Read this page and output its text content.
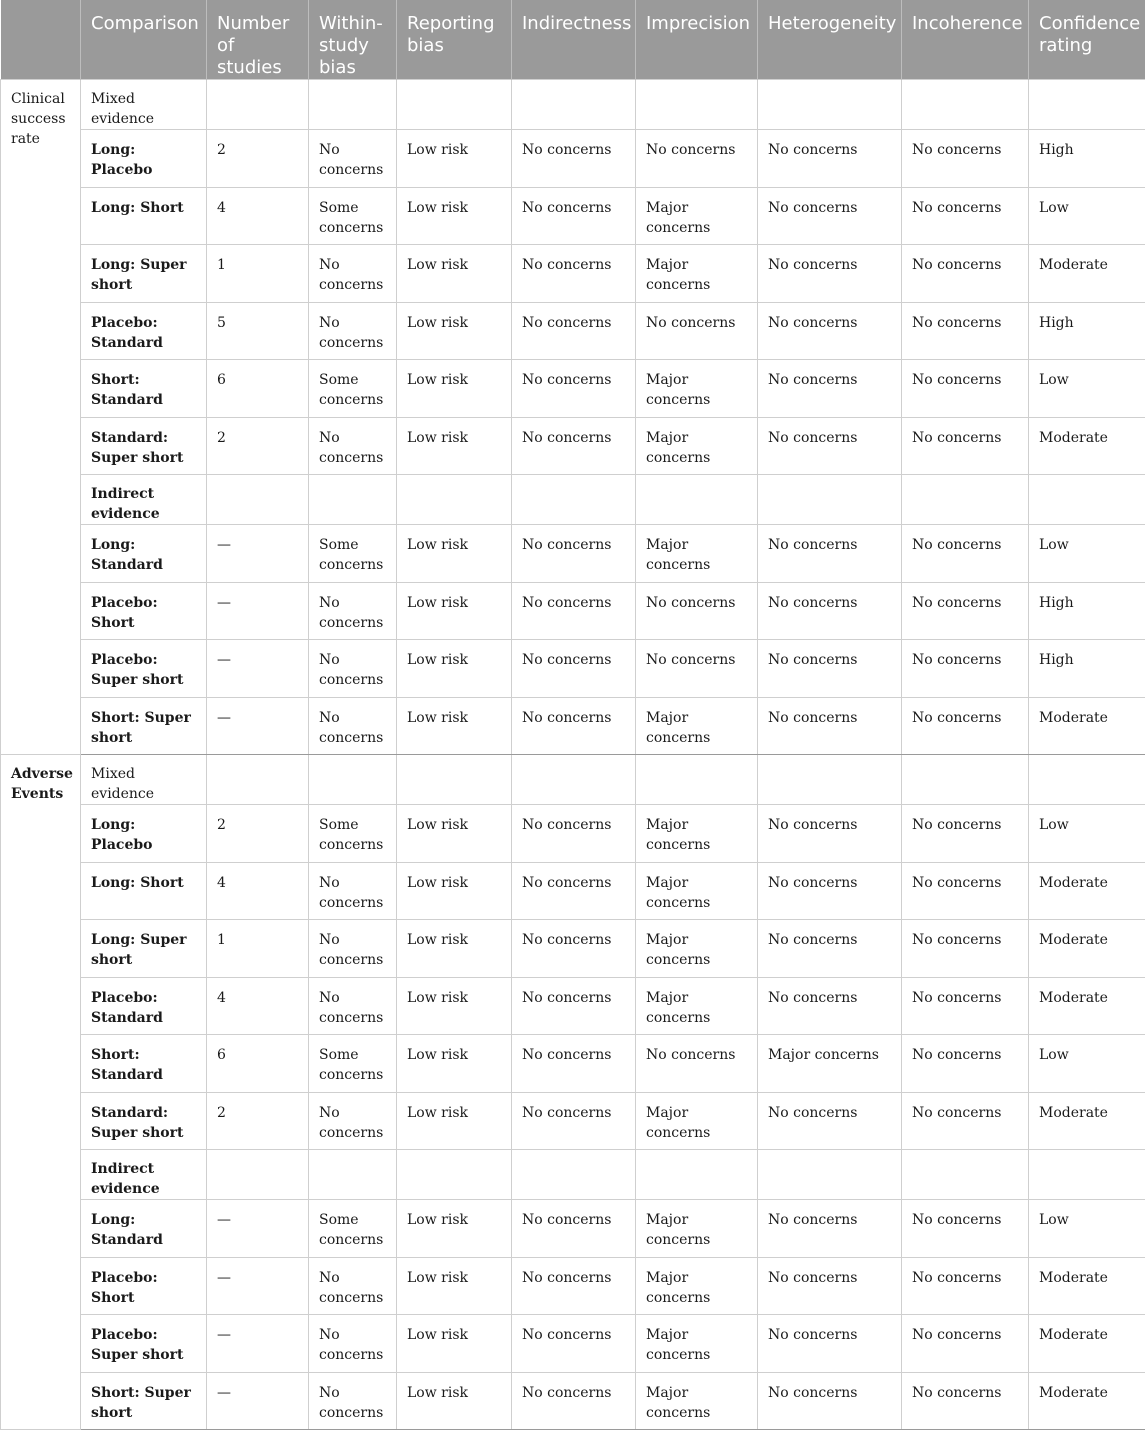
	Comparison	Number of studies	Within-study bias	Reporting bias	Indirectness	Imprecision	Heterogeneity	Incoherence	Confidence rating
Clinical success rate	Mixed evidence								
	Long: Placebo	2	No concerns	Low risk	No concerns	No concerns	No concerns	No concerns	High
	Long: Short	4	Some concerns	Low risk	No concerns	Major concerns	No concerns	No concerns	Low
	Long: Super short	1	No concerns	Low risk	No concerns	Major concerns	No concerns	No concerns	Moderate
	Placebo: Standard	5	No concerns	Low risk	No concerns	No concerns	No concerns	No concerns	High
	Short: Standard	6	Some concerns	Low risk	No concerns	Major concerns	No concerns	No concerns	Low
	Standard: Super short	2	No concerns	Low risk	No concerns	Major concerns	No concerns	No concerns	Moderate
	Indirect evidence								
	Long: Standard	—	Some concerns	Low risk	No concerns	Major concerns	No concerns	No concerns	Low
	Placebo: Short	—	No concerns	Low risk	No concerns	No concerns	No concerns	No concerns	High
	Placebo: Super short	—	No concerns	Low risk	No concerns	No concerns	No concerns	No concerns	High
	Short: Super short	—	No concerns	Low risk	No concerns	Major concerns	No concerns	No concerns	Moderate
Adverse Events	Mixed evidence								
	Long: Placebo	2	Some concerns	Low risk	No concerns	Major concerns	No concerns	No concerns	Low
	Long: Short	4	No concerns	Low risk	No concerns	Major concerns	No concerns	No concerns	Moderate
	Long: Super short	1	No concerns	Low risk	No concerns	Major concerns	No concerns	No concerns	Moderate
	Placebo: Standard	4	No concerns	Low risk	No concerns	Major concerns	No concerns	No concerns	Moderate
	Short: Standard	6	Some concerns	Low risk	No concerns	No concerns	Major concerns	No concerns	Low
	Standard: Super short	2	No concerns	Low risk	No concerns	Major concerns	No concerns	No concerns	Moderate
	Indirect evidence								
	Long: Standard	—	Some concerns	Low risk	No concerns	Major concerns	No concerns	No concerns	Low
	Placebo: Short	—	No concerns	Low risk	No concerns	Major concerns	No concerns	No concerns	Moderate
	Placebo: Super short	—	No concerns	Low risk	No concerns	Major concerns	No concerns	No concerns	Moderate
	Short: Super short	—	No concerns	Low risk	No concerns	Major concerns	No concerns	No concerns	Moderate
